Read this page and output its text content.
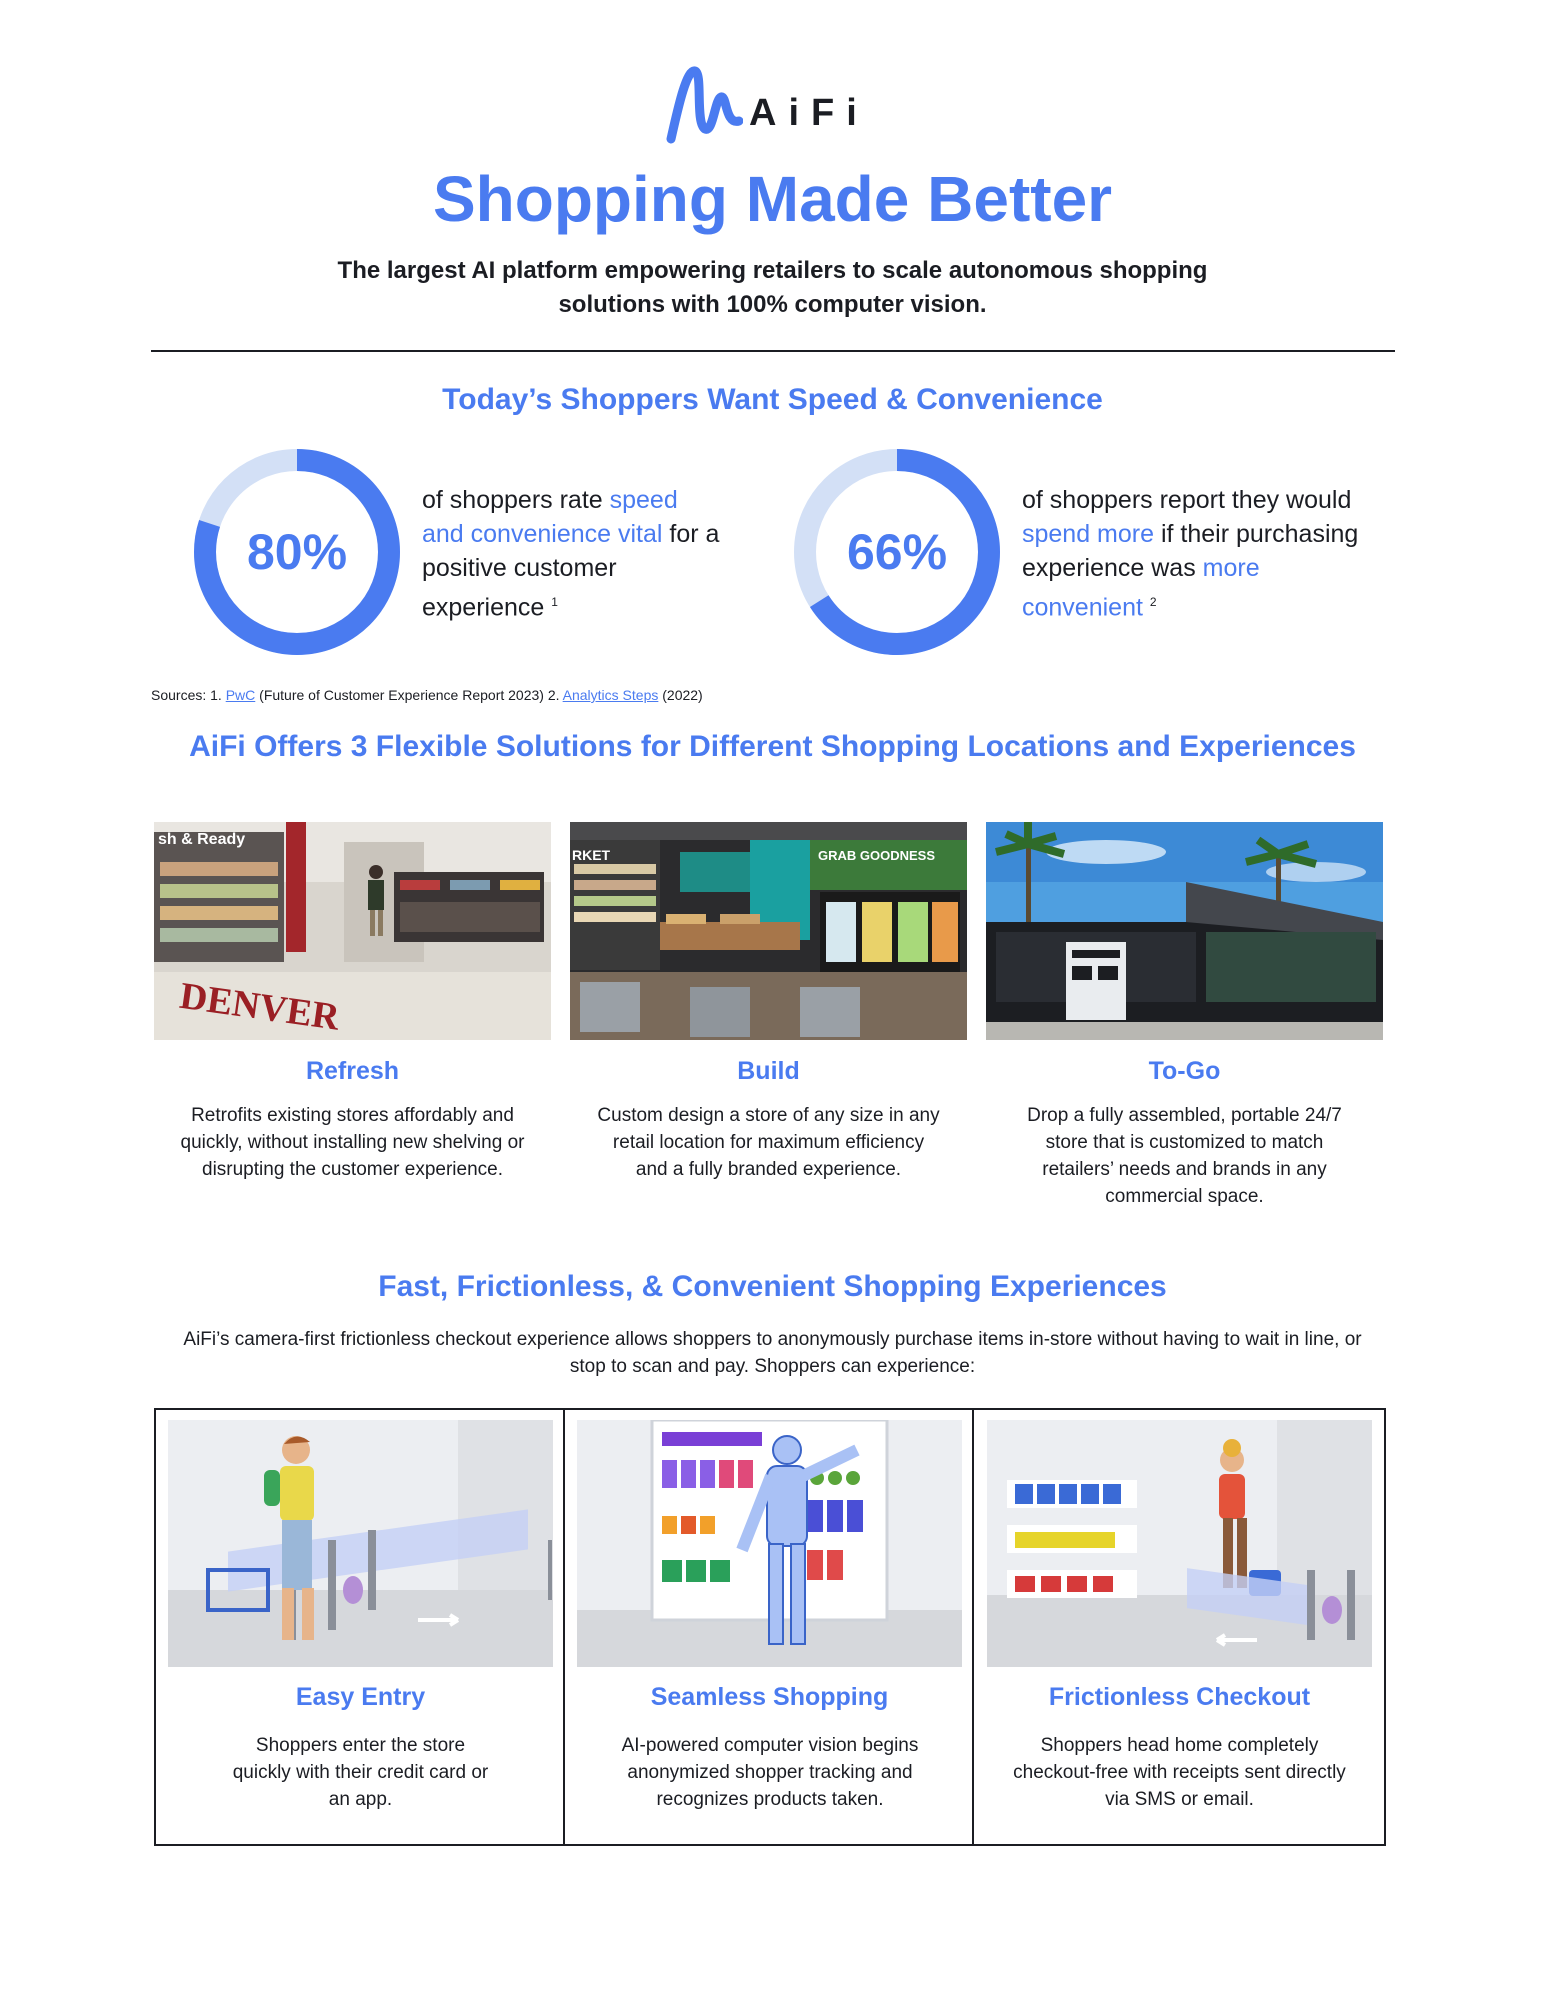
AiFi
Shopping Made Better
The largest AI platform empowering retailers to scale autonomous shopping solutions with 100% computer vision.
Today’s Shoppers Want Speed & Convenience
80%
of shoppers rate speed and convenience vital for a positive customer experience $^1$
66%
of shoppers report they would spend more if their purchasing experience was more convenient $^2$
Sources: 1. PwC (Future of Customer Experience Report 2023) 2. Analytics Steps (2022)
AiFi Offers 3 Flexible Solutions for Different Shopping Locations and Experiences
sh & Ready
DENVER
RKET	GRAB GOODNESS
Refresh	Build	To-Go
Retrofits existing stores affordably and quickly, without installing new shelving or disrupting the customer experience.
Custom design a store of any size in any retail location for maximum efficiency and a fully branded experience.
Drop a fully assembled, portable 24/7 store that is customized to match retailers’ needs and brands in any commercial space.
Fast, Frictionless, & Convenient Shopping Experiences
AiFi’s camera-first frictionless checkout experience allows shoppers to anonymously purchase items in-store without having to wait in line, or stop to scan and pay. Shoppers can experience:
Easy Entry	Seamless Shopping	Frictionless Checkout
Shoppers enter the store quickly with their credit card or an app.
AI-powered computer vision begins anonymized shopper tracking and recognizes products taken.
Shoppers head home completely checkout-free with receipts sent directly via SMS or email.
